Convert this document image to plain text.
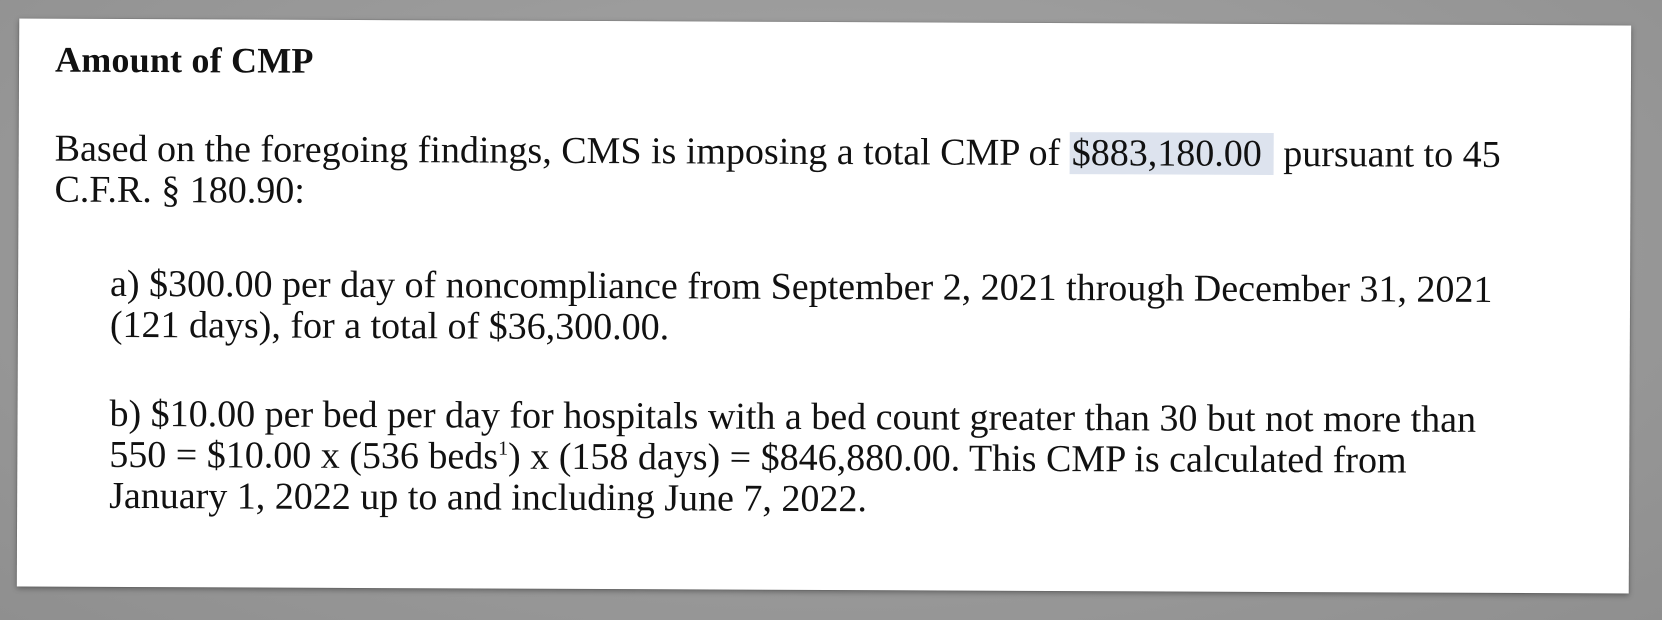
Amount of CMP

Based on the foregoing findings, CMS is imposing a total CMP of $883,180.00 pursuant to 45
C.F.R. § 180.90:

a) $300.00 per day of noncompliance from September 2, 2021 through December 31, 2021
(121 days), for a total of $36,300.00.

b) $10.00 per bed per day for hospitals with a bed count greater than 30 but not more than
550 = $10.00 x (536 beds$^1$) x (158 days) = $846,880.00. This CMP is calculated from
January 1, 2022 up to and including June 7, 2022.
